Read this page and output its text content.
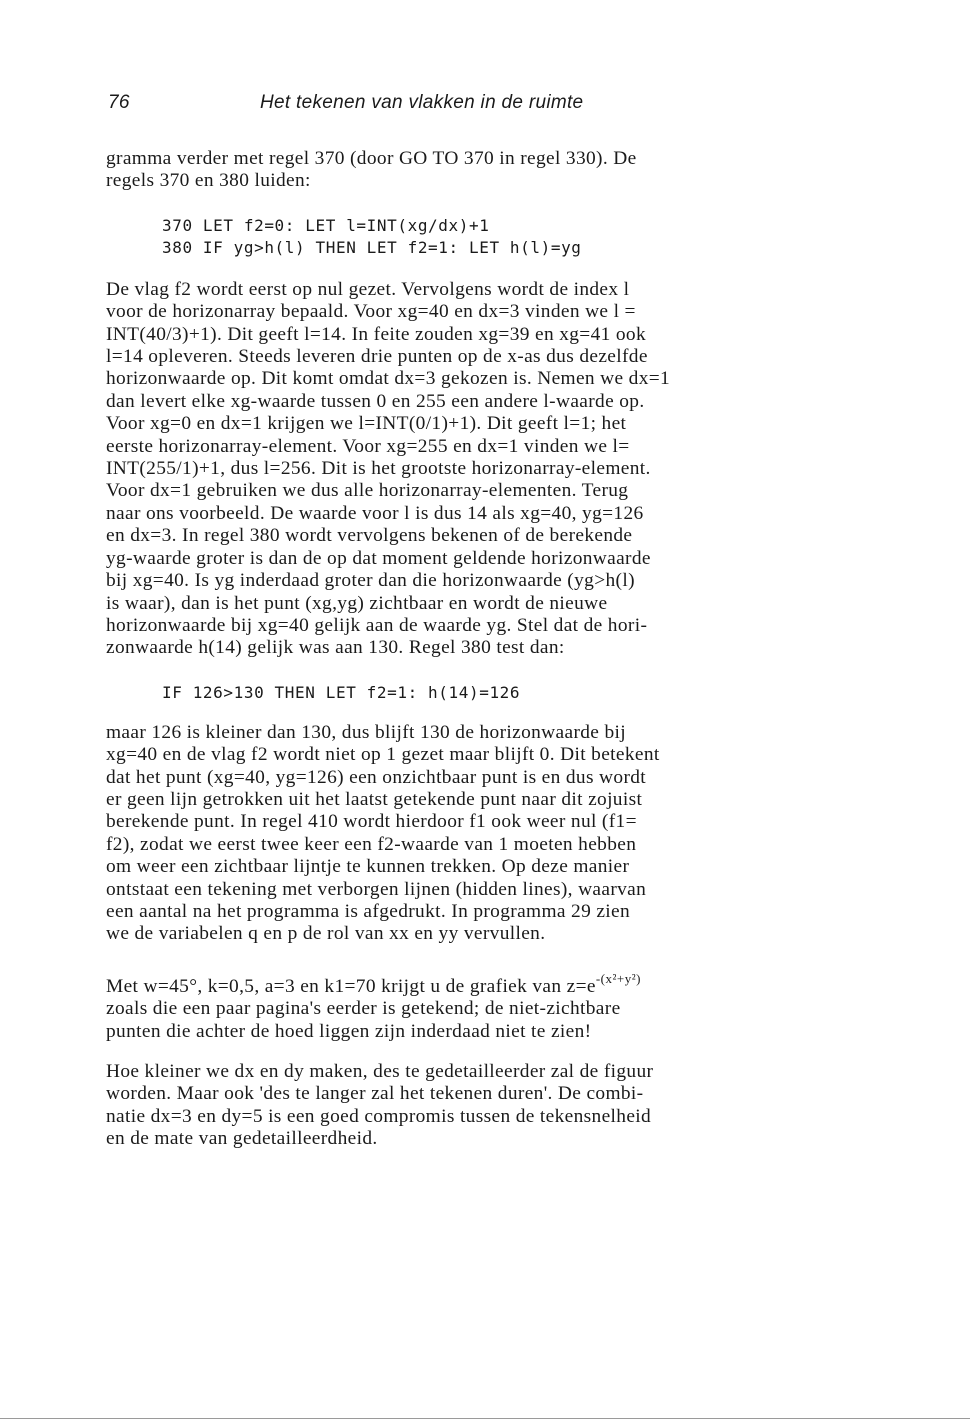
76	Het tekenen van vlakken in de ruimte

gramma verder met regel 370 (door GO TO 370 in regel 330). De
regels 370 en 380 luiden:

370 LET f2=0: LET l=INT(xg/dx)+1
380 IF yg>h(l) THEN LET f2=1: LET h(l)=yg

De vlag f2 wordt eerst op nul gezet. Vervolgens wordt de index l
voor de horizonarray bepaald. Voor xg=40 en dx=3 vinden we l =
INT(40/3)+1). Dit geeft l=14. In feite zouden xg=39 en xg=41 ook
l=14 opleveren. Steeds leveren drie punten op de x-as dus dezelfde
horizonwaarde op. Dit komt omdat dx=3 gekozen is. Nemen we dx=1
dan levert elke xg-waarde tussen 0 en 255 een andere l-waarde op.
Voor xg=0 en dx=1 krijgen we l=INT(0/1)+1). Dit geeft l=1; het
eerste horizonarray-element. Voor xg=255 en dx=1 vinden we l=
INT(255/1)+1, dus l=256. Dit is het grootste horizonarray-element.
Voor dx=1 gebruiken we dus alle horizonarray-elementen. Terug
naar ons voorbeeld. De waarde voor l is dus 14 als xg=40, yg=126
en dx=3. In regel 380 wordt vervolgens bekenen of de berekende
yg-waarde groter is dan de op dat moment geldende horizonwaarde
bij xg=40. Is yg inderdaad groter dan die horizonwaarde (yg>h(l)
is waar), dan is het punt (xg,yg) zichtbaar en wordt de nieuwe
horizonwaarde bij xg=40 gelijk aan de waarde yg. Stel dat de hori-
zonwaarde h(14) gelijk was aan 130. Regel 380 test dan:

IF 126>130 THEN LET f2=1: h(14)=126

maar 126 is kleiner dan 130, dus blijft 130 de horizonwaarde bij
xg=40 en de vlag f2 wordt niet op 1 gezet maar blijft 0. Dit betekent
dat het punt (xg=40, yg=126) een onzichtbaar punt is en dus wordt
er geen lijn getrokken uit het laatst getekende punt naar dit zojuist
berekende punt. In regel 410 wordt hierdoor f1 ook weer nul (f1=
f2), zodat we eerst twee keer een f2-waarde van 1 moeten hebben
om weer een zichtbaar lijntje te kunnen trekken. Op deze manier
ontstaat een tekening met verborgen lijnen (hidden lines), waarvan
een aantal na het programma is afgedrukt. In programma 29 zien
we de variabelen q en p de rol van xx en yy vervullen.

Met w=45°, k=0,5, a=3 en k1=70 krijgt u de grafiek van $z=e^{-(x^2+y^2)}$
zoals die een paar pagina's eerder is getekend; de niet-zichtbare
punten die achter de hoed liggen zijn inderdaad niet te zien!

Hoe kleiner we dx en dy maken, des te gedetailleerder zal de figuur
worden. Maar ook 'des te langer zal het tekenen duren'. De combi-
natie dx=3 en dy=5 is een goed compromis tussen de tekensnelheid
en de mate van gedetailleerdheid.
